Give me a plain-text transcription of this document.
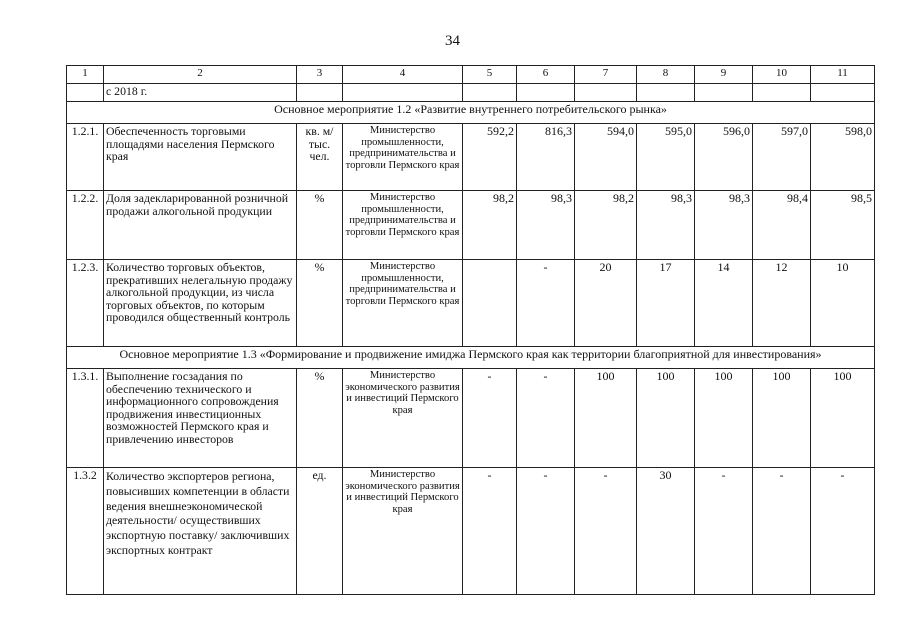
34
1	2	3	4	5	6	7	8	9	10	11
	с 2018 г.									
Основное мероприятие 1.2 «Развитие внутреннего потребительского рынка»										
1.2.1.	Обеспеченность торговыми площадями населения Пермского края	кв. м/ тыс. чел.	Министерство промышленности, предпринимательства и торговли Пермского края	592,2	816,3	594,0	595,0	596,0	597,0	598,0
1.2.2.	Доля задекларированной розничной продажи алкогольной продукции	%	Министерство промышленности, предпринимательства и торговли Пермского края	98,2	98,3	98,2	98,3	98,3	98,4	98,5
1.2.3.	Количество торговых объектов, прекративших нелегальную продажу алкогольной продукции, из числа торговых объектов, по которым проводился общественный контроль	%	Министерство промышленности, предпринимательства и торговли Пермского края		-	20	17	14	12	10
Основное мероприятие 1.3 «Формирование и продвижение имиджа Пермского края как территории благоприятной для инвестирования»										
1.3.1.	Выполнение госзадания по обеспечению технического и информационного сопровождения продвижения инвестиционных возможностей Пермского края и привлечению инвесторов	%	Министерство экономического развития и инвестиций Пермского края	-	-	100	100	100	100	100
1.3.2	Количество экспортеров региона, повысивших компетенции в области ведения внешнеэкономической деятельности/ осуществивших экспортную поставку/ заключивших экспортных контракт	ед.	Министерство экономического развития и инвестиций Пермского края	-	-	-	30	-	-	-
